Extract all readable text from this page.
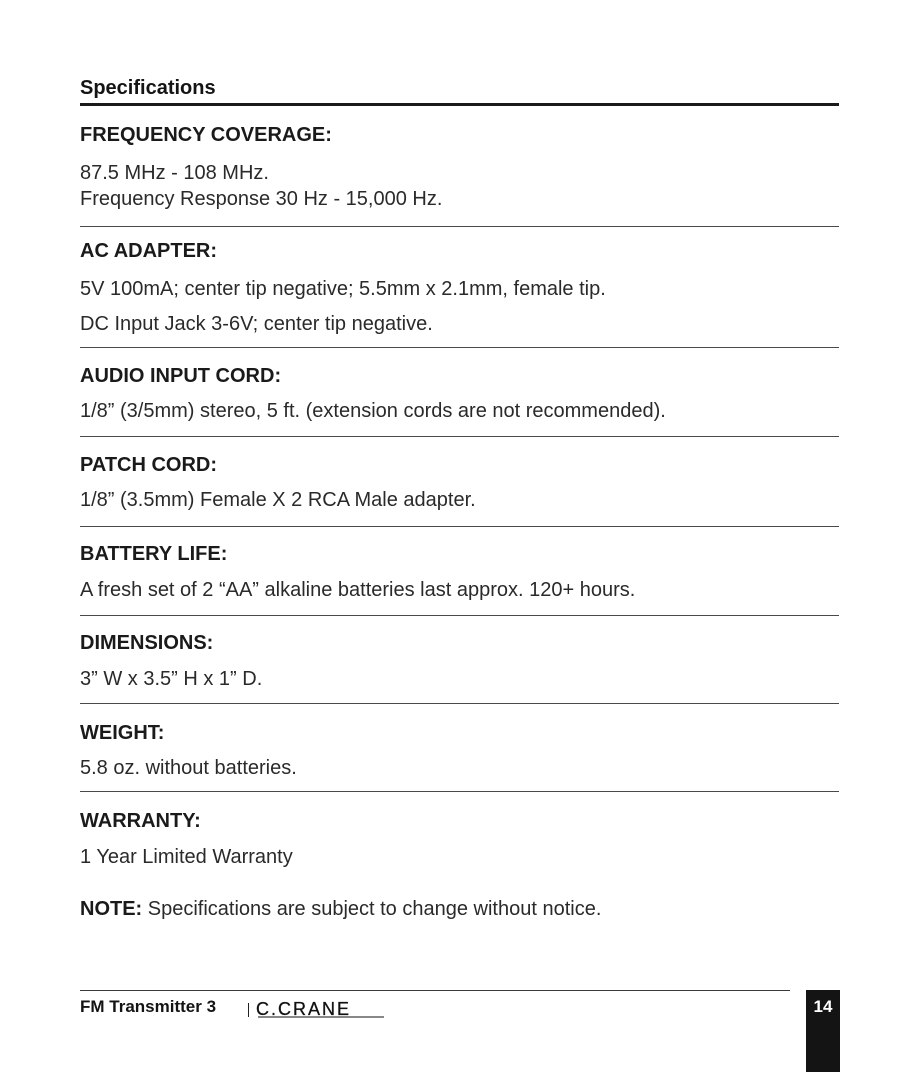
Specifications
FREQUENCY COVERAGE:
87.5 MHz - 108 MHz.
Frequency Response 30 Hz - 15,000 Hz.
AC ADAPTER:
5V 100mA; center tip negative; 5.5mm x 2.1mm, female tip.
DC Input Jack 3-6V; center tip negative.
AUDIO INPUT CORD:
1/8” (3/5mm) stereo, 5 ft. (extension cords are not recommended).
PATCH CORD:
1/8” (3.5mm) Female X 2 RCA Male adapter.
BATTERY LIFE:
A fresh set of 2 “AA” alkaline batteries last approx. 120+ hours.
DIMENSIONS:
3” W x 3.5” H x 1” D.
WEIGHT:
5.8 oz. without batteries.
WARRANTY:
1 Year Limited Warranty
NOTE: Specifications are subject to change without notice.
FM Transmitter 3 C.CRANE	14
